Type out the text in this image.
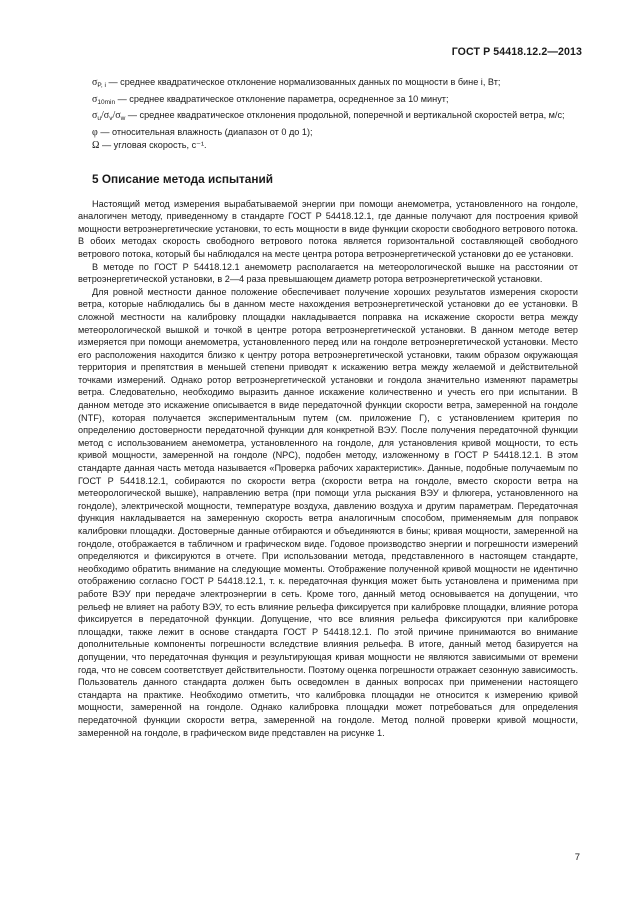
ГОСТ Р 54418.12.2—2013
$\sigma_{P, i}$ — среднее квадратическое отклонение нормализованных данных по мощности в бине i, Вт;
$\sigma_{10min}$ — среднее квадратическое отклонение параметра, осредненное за 10 минут;
$\sigma_u/\sigma_v/\sigma_w$ — среднее квадратическое отклонения продольной, поперечной и вертикальной скоростей ветра, м/с;
φ — относительная влажность (диапазон от 0 до 1);
Ω — угловая скорость, с⁻¹.
5 Описание метода испытаний

Настоящий метод измерения вырабатываемой энергии при помощи анемометра, установленного на гондоле, аналогичен методу, приведенному в стандарте ГОСТ Р 54418.12.1, где данные получают для построения кривой мощности ветроэнергетические установки, то есть мощности в виде функции скорости свободного ветрового потока. В обоих методах скорость свободного ветрового потока является горизонтальной составляющей свободного ветрового потока, который бы наблюдался на месте центра ротора ветроэнергетической установки до ее установки.

В методе по ГОСТ Р 54418.12.1 анемометр располагается на метеорологической вышке на расстоянии от ветроэнергетической установки, в 2—4 раза превышающем диаметр ротора ветроэнергетической установки.

Для ровной местности данное положение обеспечивает получение хороших результатов измерения скорости ветра, которые наблюдались бы в данном месте нахождения ветроэнергетической установки до ее установки. В сложной местности на калибровку площадки накладывается поправка на искажение скорости ветра между метеорологической вышкой и точкой в центре ротора ветроэнергетической установки. В данном методе ветер измеряется при помощи анемометра, установленного перед или на гондоле ветроэнергетической установки. Место его расположения находится близко к центру ротора ветроэнергетической установки, таким образом окружающая территория и препятствия в меньшей степени приводят к искажению ветра между желаемой и действительной точками измерений. Однако ротор ветроэнергетической установки и гондола значительно изменяют параметры ветра. Следовательно, необходимо выразить данное искажение количественно и учесть его при испытании. В данном методе это искажение описывается в виде передаточной функции скорости ветра, замеренной на гондоле (NTF), которая получается экспериментальным путем (см. приложение Г), с установлением критерия по определению достоверности передаточной функции для конкретной ВЭУ. После получения передаточной функции метод с использованием анемометра, установленного на гондоле, для установления кривой мощности, то есть кривой мощности, замеренной на гондоле (NPC), подобен методу, изложенному в ГОСТ Р 54418.12.1. В этом стандарте данная часть метода называется «Проверка рабочих характеристик». Данные, подобные получаемым по ГОСТ Р 54418.12.1, собираются по скорости ветра (скорости ветра на гондоле, вместо скорости ветра на метеорологической вышке), направлению ветра (при помощи угла рыскания ВЭУ и флюгера, установленного на гондоле), электрической мощности, температуре воздуха, давлению воздуха и другим параметрам. Передаточная функция накладывается на замеренную скорость ветра аналогичным способом, применяемым для поправок калибровки площадки. Достоверные данные отбираются и объединяются в бины; кривая мощности, замеренной на гондоле, отображается в табличном и графическом виде. Годовое производство энергии и погрешности измерений определяются и фиксируются в отчете. При использовании метода, представленного в настоящем стандарте, необходимо обратить внимание на следующие моменты. Отображение полученной кривой мощности не идентично отображению согласно ГОСТ Р 54418.12.1, т. к. передаточная функция может быть установлена и применима при работе ВЭУ при передаче электроэнергии в сеть. Кроме того, данный метод основывается на допущении, что рельеф не влияет на работу ВЭУ, то есть влияние рельефа фиксируется при калибровке площадки, влияние ротора фиксируется в передаточной функции. Допущение, что все влияния рельефа фиксируются при калибровке площадки, также лежит в основе стандарта ГОСТ Р 54418.12.1. По этой причине принимаются во внимание дополнительные компоненты погрешности вследствие влияния рельефа. В итоге, данный метод базируется на допущении, что передаточная функция и результирующая кривая мощности не являются зависимыми от времени года, что не совсем соответствует действительности. Поэтому оценка погрешности отражает сезонную зависимость. Пользователь данного стандарта должен быть осведомлен в данных вопросах при применении настоящего стандарта на практике. Необходимо отметить, что калибровка площадки не относится к измерению кривой мощности, замеренной на гондоле. Однако калибровка площадки может потребоваться для определения передаточной функции скорости ветра, замеренной на гондоле. Метод полной проверки кривой мощности, замеренной на гондоле, в графическом виде представлен на рисунке 1.

7
